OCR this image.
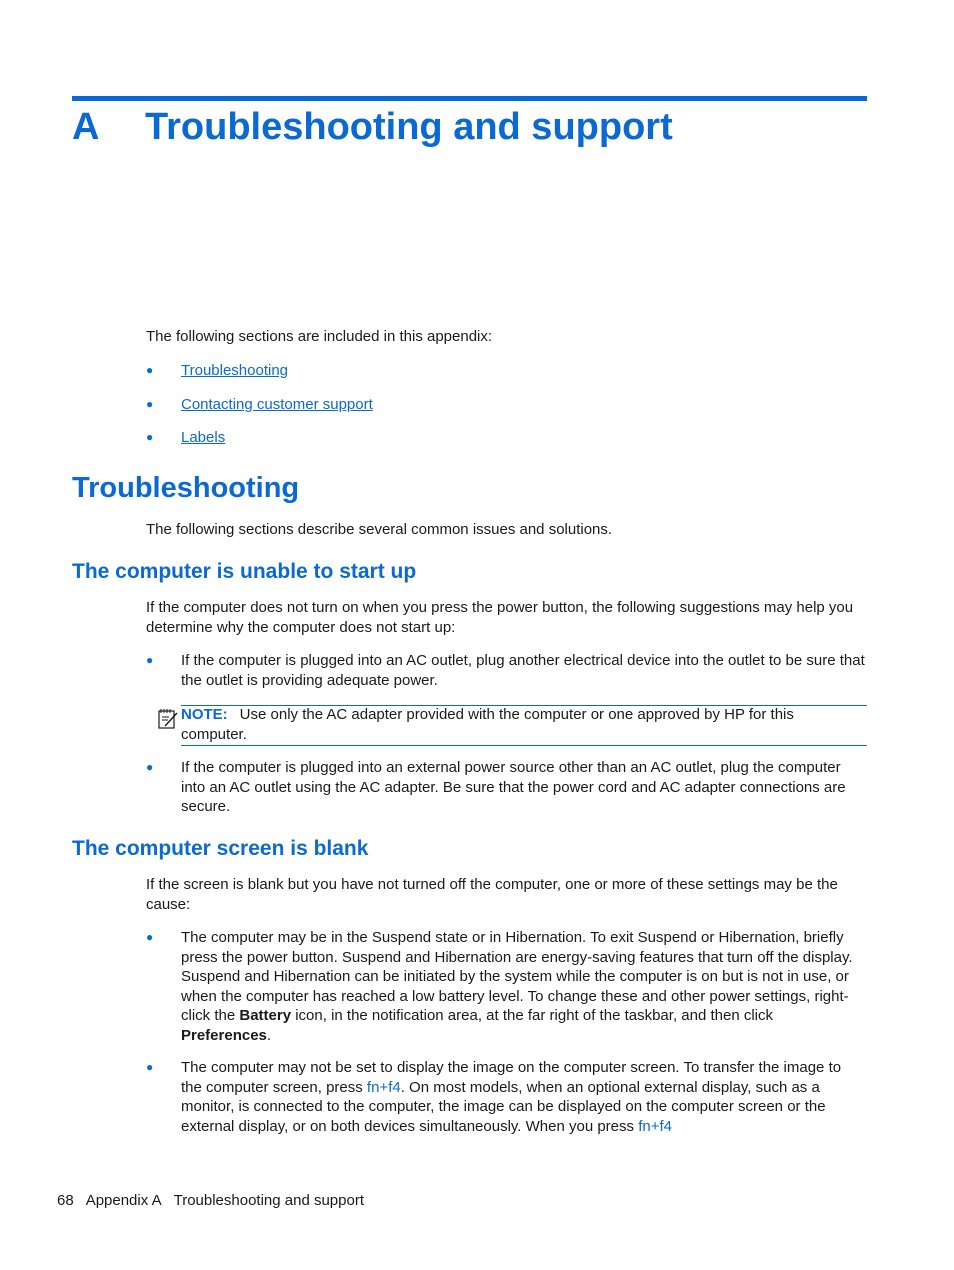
A Troubleshooting and support
The following sections are included in this appendix:
● Troubleshooting
● Contacting customer support
● Labels
Troubleshooting
The following sections describe several common issues and solutions.
The computer is unable to start up
If the computer does not turn on when you press the power button, the following suggestions may help you determine why the computer does not start up:
● If the computer is plugged into an AC outlet, plug another electrical device into the outlet to be sure that the outlet is providing adequate power.
NOTE: Use only the AC adapter provided with the computer or one approved by HP for this computer.
● If the computer is plugged into an external power source other than an AC outlet, plug the computer into an AC outlet using the AC adapter. Be sure that the power cord and AC adapter connections are secure.
The computer screen is blank
If the screen is blank but you have not turned off the computer, one or more of these settings may be the cause:
● The computer may be in the Suspend state or in Hibernation. To exit Suspend or Hibernation, briefly press the power button. Suspend and Hibernation are energy-saving features that turn off the display. Suspend and Hibernation can be initiated by the system while the computer is on but is not in use, or when the computer has reached a low battery level. To change these and other power settings, right-click the Battery icon, in the notification area, at the far right of the taskbar, and then click Preferences.
● The computer may not be set to display the image on the computer screen. To transfer the image to the computer screen, press fn+f4. On most models, when an optional external display, such as a monitor, is connected to the computer, the image can be displayed on the computer screen or the external display, or on both devices simultaneously. When you press fn+f4
68 Appendix A Troubleshooting and support
